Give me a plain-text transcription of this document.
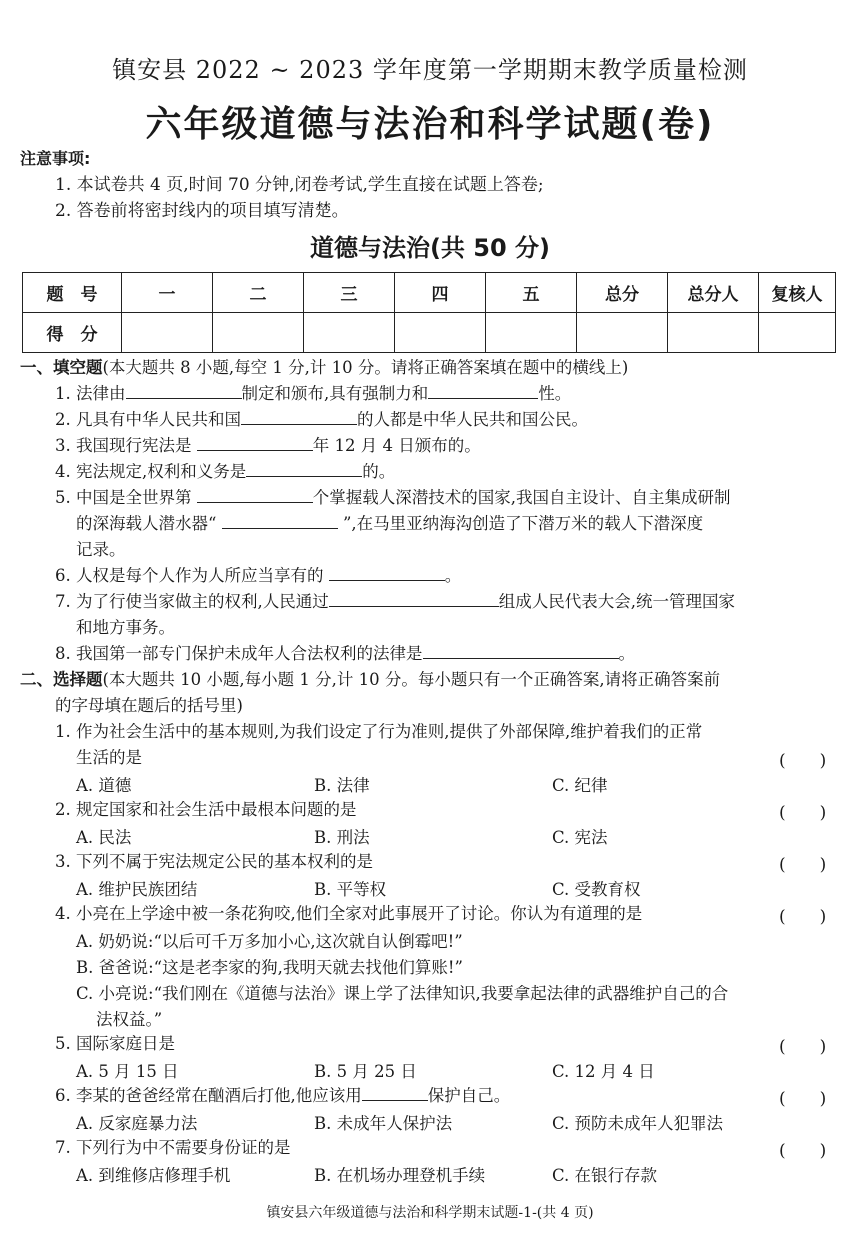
镇安县 2022 ~ 2023 学年度第一学期期末教学质量检测
六年级道德与法治和科学试题(卷)
注意事项:
1. 本试卷共 4 页,时间 70 分钟,闭卷考试,学生直接在试题上答卷;
2. 答卷前将密封线内的项目填写清楚。
道德与法治(共 50 分)
题　号	一	二	三	四	五	总分	总分人	复核人
得　分								
一、填空题(本大题共 8 小题,每空 1 分,计 10 分。请将正确答案填在题中的横线上)
1. 法律由	制定和颁布,具有强制力和	性。
2. 凡具有中华人民共和国	的人都是中华人民共和国公民。
3. 我国现行宪法是	年 12 月 4 日颁布的。
4. 宪法规定,权利和义务是	的。
5. 中国是全世界第	个掌握载人深潜技术的国家,我国自主设计、自主集成研制
的深海载人潜水器“	”,在马里亚纳海沟创造了下潜万米的载人下潜深度
记录。
6. 人权是每个人作为人所应当享有的	。
7. 为了行使当家做主的权利,人民通过	组成人民代表大会,统一管理国家
和地方事务。
8. 我国第一部专门保护未成年人合法权利的法律是	。
二、选择题(本大题共 10 小题,每小题 1 分,计 10 分。每小题只有一个正确答案,请将正确答案前
的字母填在题后的括号里)
1. 作为社会生活中的基本规则,为我们设定了行为准则,提供了外部保障,维护着我们的正常
生活的是	(　　)
A. 道德	B. 法律	C. 纪律
2. 规定国家和社会生活中最根本问题的是	(　　)
A. 民法	B. 刑法	C. 宪法
3. 下列不属于宪法规定公民的基本权利的是	(　　)
A. 维护民族团结	B. 平等权	C. 受教育权
4. 小亮在上学途中被一条花狗咬,他们全家对此事展开了讨论。你认为有道理的是	(　　)
A. 奶奶说:“以后可千万多加小心,这次就自认倒霉吧!”
B. 爸爸说:“这是老李家的狗,我明天就去找他们算账!”
C. 小亮说:“我们刚在《道德与法治》课上学了法律知识,我要拿起法律的武器维护自己的合
法权益。”
5. 国际家庭日是	(　　)
A. 5 月 15 日	B. 5 月 25 日	C. 12 月 4 日
6. 李某的爸爸经常在酗酒后打他,他应该用	保护自己。	(　　)
A. 反家庭暴力法	B. 未成年人保护法	C. 预防未成年人犯罪法
7. 下列行为中不需要身份证的是	(　　)
A. 到维修店修理手机	B. 在机场办理登机手续	C. 在银行存款
镇安县六年级道德与法治和科学期末试题-1-(共 4 页)
